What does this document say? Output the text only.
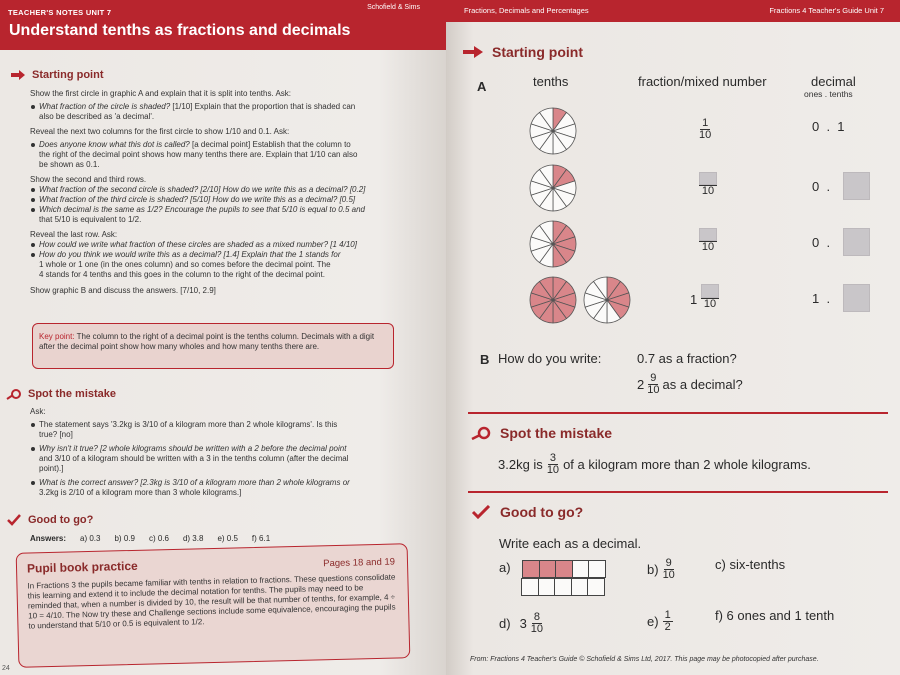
TEACHER'S NOTES UNIT 7
Schofield & Sims
Understand tenths as fractions and decimals
Starting point
Show the first circle in graphic A and explain that it is split into tenths. Ask:
What fraction of the circle is shaded? [1/10] Explain that the proportion that is shaded can
also be described as 'a decimal'.
Reveal the next two columns for the first circle to show 1/10 and 0.1. Ask:
Does anyone know what this dot is called? [a decimal point] Establish that the column to
the right of the decimal point shows how many tenths there are. Explain that 1/10 can also
be shown as 0.1.
Show the second and third rows.
What fraction of the second circle is shaded? [2/10] How do we write this as a decimal? [0.2]
What fraction of the third circle is shaded? [5/10] How do we write this as a decimal? [0.5]
Which decimal is the same as 1/2? Encourage the pupils to see that 5/10 is equal to 0.5 and
that 5/10 is equivalent to 1/2.
Reveal the last row. Ask:
How could we write what fraction of these circles are shaded as a mixed number? [1 4/10]
How do you think we would write this as a decimal? [1.4] Explain that the 1 stands for
1 whole or 1 one (in the ones column) and so comes before the decimal point. The
4 stands for 4 tenths and this goes in the column to the right of the decimal point.
Show graphic B and discuss the answers. [7/10, 2.9]
Key point: The column to the right of a decimal point is the tenths column. Decimals with a digit after the decimal point show how many wholes and how many tenths there are.
Spot the mistake
Ask:
The statement says '3.2kg is 3/10 of a kilogram more than 2 whole kilograms'. Is this
true? [no]
Why isn't it true? [2 whole kilograms should be written with a 2 before the decimal point
and 3/10 of a kilogram should be written with a 3 in the tenths column (after the decimal
point).]
What is the correct answer? [2.3kg is 3/10 of a kilogram more than 2 whole kilograms or
3.2kg is 2/10 of a kilogram more than 3 whole kilograms.]
Good to go?
Answers: a) 0.3 b) 0.9 c) 0.6 d) 3.8 e) 0.5 f) 6.1
Pupil book practice	Pages 18 and 19
In Fractions 3 the pupils became familiar with tenths in relation to fractions. These questions consolidate this learning and extend it to include the decimal notation for tenths. The pupils may need to be reminded that, when a number is divided by 10, the result will be that number of tenths, for example, 4 ÷ 10 = 4/10. The Now try these and Challenge sections include some equivalence, encouraging the pupils to understand that 5/10 or 0.5 is equivalent to 1/2.
24
Fractions, Decimals and Percentages	Fractions 4 Teacher's Guide Unit 7
Starting point
A	tenths	fraction/mixed number	decimal
ones . tenths
$\frac{1}{10}$	0  .  1
10	0  .
10	0  .
1 10	1  .
B How do you write:	0.7 as a fraction?
$2 \frac{9}{10}$ as a decimal?
Spot the mistake
3.2kg is $\frac{3}{10}$ of a kilogram more than 2 whole kilograms.
Good to go?
Write each as a decimal.
a)	$b) \frac{9}{10}$	c) six-tenths
d) $3 \frac{8}{10}$	$e) \frac{1}{2}$	f) 6 ones and 1 tenth
From: Fractions 4 Teacher's Guide © Schofield & Sims Ltd, 2017. This page may be photocopied after purchase.
